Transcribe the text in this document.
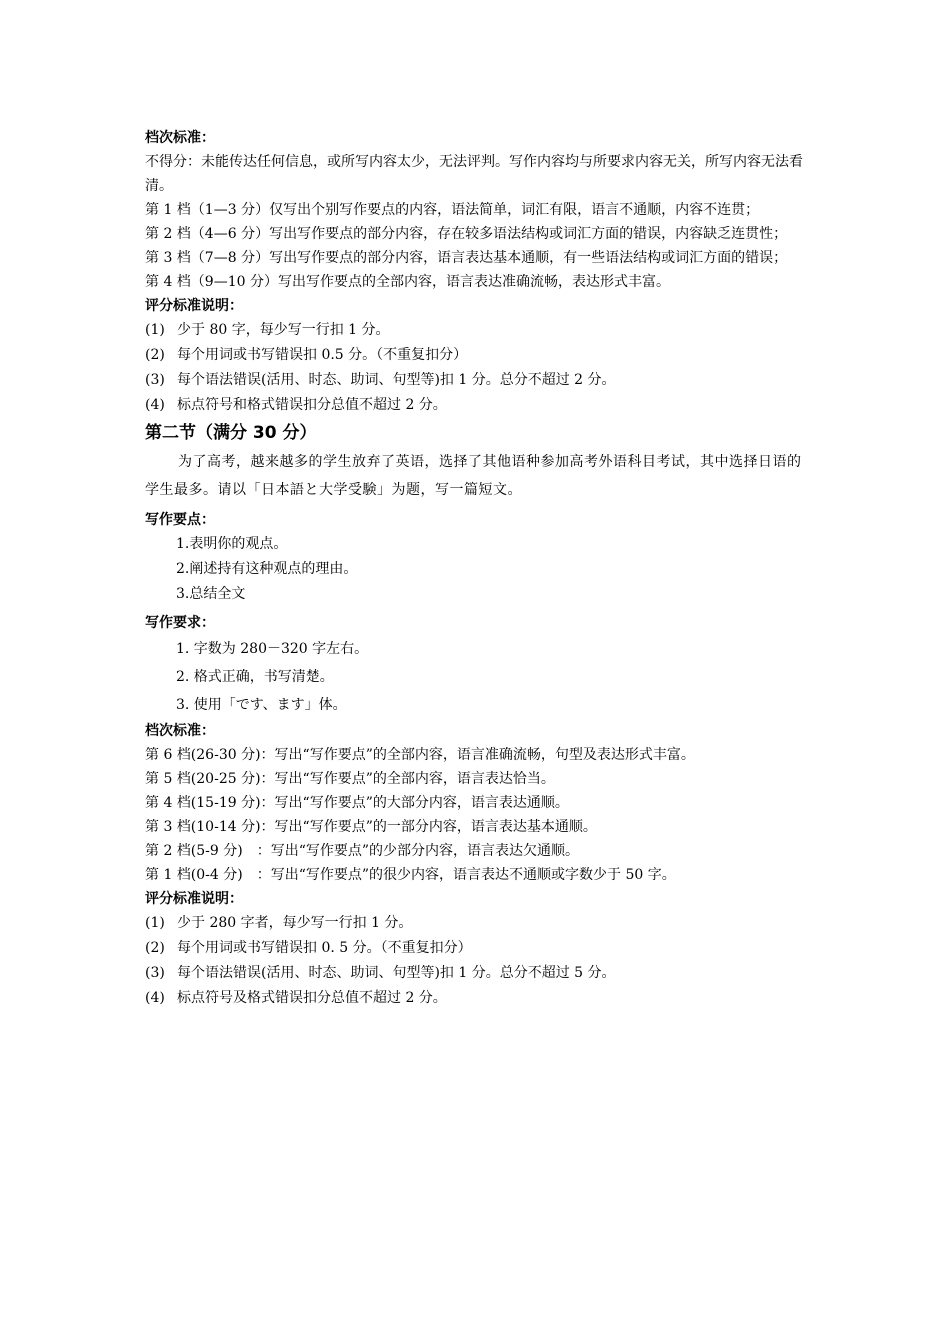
档次标准：
不得分：未能传达任何信息，或所写内容太少，无法评判。写作内容均与所要求内容无关，所写内容无法看清。
第 1 档（1—3 分）仅写出个别写作要点的内容，语法简单，词汇有限，语言不通顺，内容不连贯；
第 2 档（4—6 分）写出写作要点的部分内容，存在较多语法结构或词汇方面的错误，内容缺乏连贯性；
第 3 档（7—8 分）写出写作要点的部分内容，语言表达基本通顺，有一些语法结构或词汇方面的错误；
第 4 档（9—10 分）写出写作要点的全部内容，语言表达准确流畅，表达形式丰富。
评分标准说明：
(1) 少于 80 字，每少写一行扣 1 分。
(2) 每个用词或书写错误扣 0.5 分。（不重复扣分）
(3) 每个语法错误(活用、时态、助词、句型等)扣 1 分。总分不超过 2 分。
(4) 标点符号和格式错误扣分总值不超过 2 分。
第二节（满分 30 分）
为了高考，越来越多的学生放弃了英语，选择了其他语种参加高考外语科目考试，其中选择日语的学生最多。请以「日本語と大学受験」为题，写一篇短文。
写作要点：
1.表明你的观点。
2.阐述持有这种观点的理由。
3.总结全文
写作要求：
1. 字数为 280－320 字左右。
2. 格式正确，书写清楚。
3. 使用「です、ます」体。
档次标准：
第 6 档(26-30 分)：写出“写作要点”的全部内容，语言准确流畅，句型及表达形式丰富。
第 5 档(20-25 分)：写出“写作要点”的全部内容，语言表达恰当。
第 4 档(15-19 分)：写出“写作要点”的大部分内容，语言表达通顺。
第 3 档(10-14 分)：写出“写作要点”的一部分内容，语言表达基本通顺。
第 2 档(5-9 分)　：写出“写作要点”的少部分内容，语言表达欠通顺。
第 1 档(0-4 分)　：写出“写作要点”的很少内容，语言表达不通顺或字数少于 50 字。
评分标准说明：
(1) 少于 280 字者，每少写一行扣 1 分。
(2) 每个用词或书写错误扣 0. 5 分。（不重复扣分）
(3) 每个语法错误(活用、时态、助词、句型等)扣 1 分。总分不超过 5 分。
(4) 标点符号及格式错误扣分总值不超过 2 分。
